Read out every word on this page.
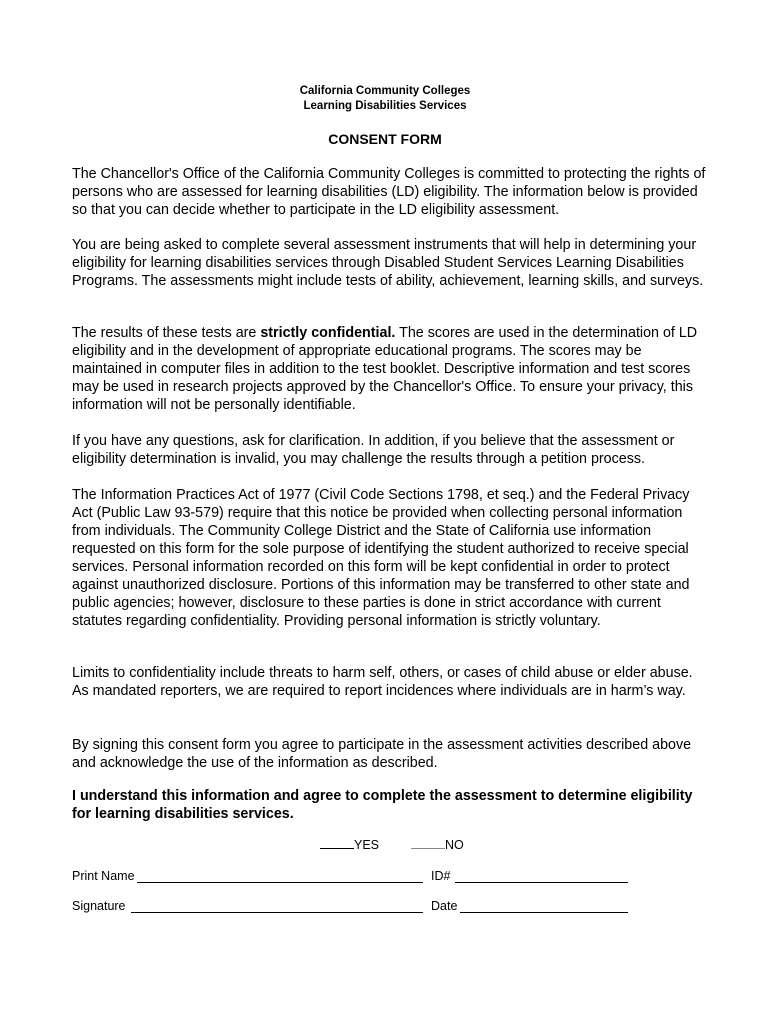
California Community Colleges
Learning Disabilities Services
CONSENT FORM

The Chancellor's Office of the California Community Colleges is committed to protecting the rights of persons who are assessed for learning disabilities (LD) eligibility. The information below is provided so that you can decide whether to participate in the LD eligibility assessment.

You are being asked to complete several assessment instruments that will help in determining your eligibility for learning disabilities services through Disabled Student Services Learning Disabilities Programs. The assessments might include tests of ability, achievement, learning skills, and surveys.

The results of these tests are strictly confidential. The scores are used in the determination of LD eligibility and in the development of appropriate educational programs. The scores may be maintained in computer files in addition to the test booklet. Descriptive information and test scores may be used in research projects approved by the Chancellor's Office. To ensure your privacy, this information will not be personally identifiable.

If you have any questions, ask for clarification. In addition, if you believe that the assessment or eligibility determination is invalid, you may challenge the results through a petition process.

The Information Practices Act of 1977 (Civil Code Sections 1798, et seq.) and the Federal Privacy Act (Public Law 93-579) require that this notice be provided when collecting personal information from individuals. The Community College District and the State of California use information requested on this form for the sole purpose of identifying the student authorized to receive special services. Personal information recorded on this form will be kept confidential in order to protect against unauthorized disclosure. Portions of this information may be transferred to other state and public agencies; however, disclosure to these parties is done in strict accordance with current statutes regarding confidentiality. Providing personal information is strictly voluntary.

Limits to confidentiality include threats to harm self, others, or cases of child abuse or elder abuse. As mandated reporters, we are required to report incidences where individuals are in harm’s way.

By signing this consent form you agree to participate in the assessment activities described above and acknowledge the use of the information as described.

I understand this information and agree to complete the assessment to determine eligibility for learning disabilities services.

YES	NO
Print Name	ID#
Signature	Date
